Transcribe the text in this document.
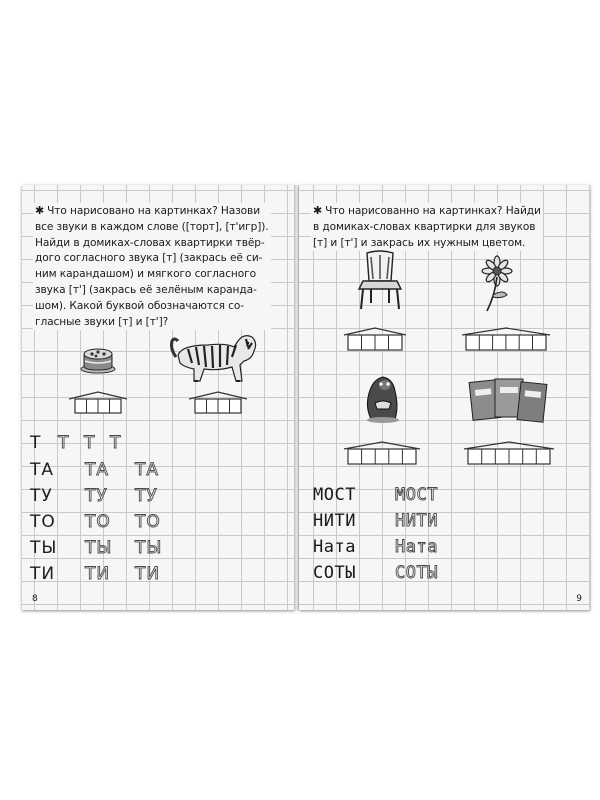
✱ Что нарисовано на картинках? Назови
все звуки в каждом слове ([торт], [т'игр]).
Найди в домиках-словах квартирки твёр-
дого согласного звука [т] (закрась её си-
ним карандашом) и мягкого согласного
звука [т'] (закрась её зелёным каранда-
шом). Какой буквой обозначаются со-
гласные звуки [т] и [т']?
Т Т Т Т
ТА	ТА	ТА
ТУ	ТУ	ТУ
ТО	ТО	ТО
ТЫ	ТЫ	ТЫ
ТИ	ТИ	ТИ
8
✱ Что нарисованно на картинках? Найди
в домиках-словах квартирки для звуков
[т] и [т'] и закрась их нужным цветом.
МОСТ	МОСТ
НИТИ	НИТИ
Ната	Ната
СОТЫ	СОТЫ
9
